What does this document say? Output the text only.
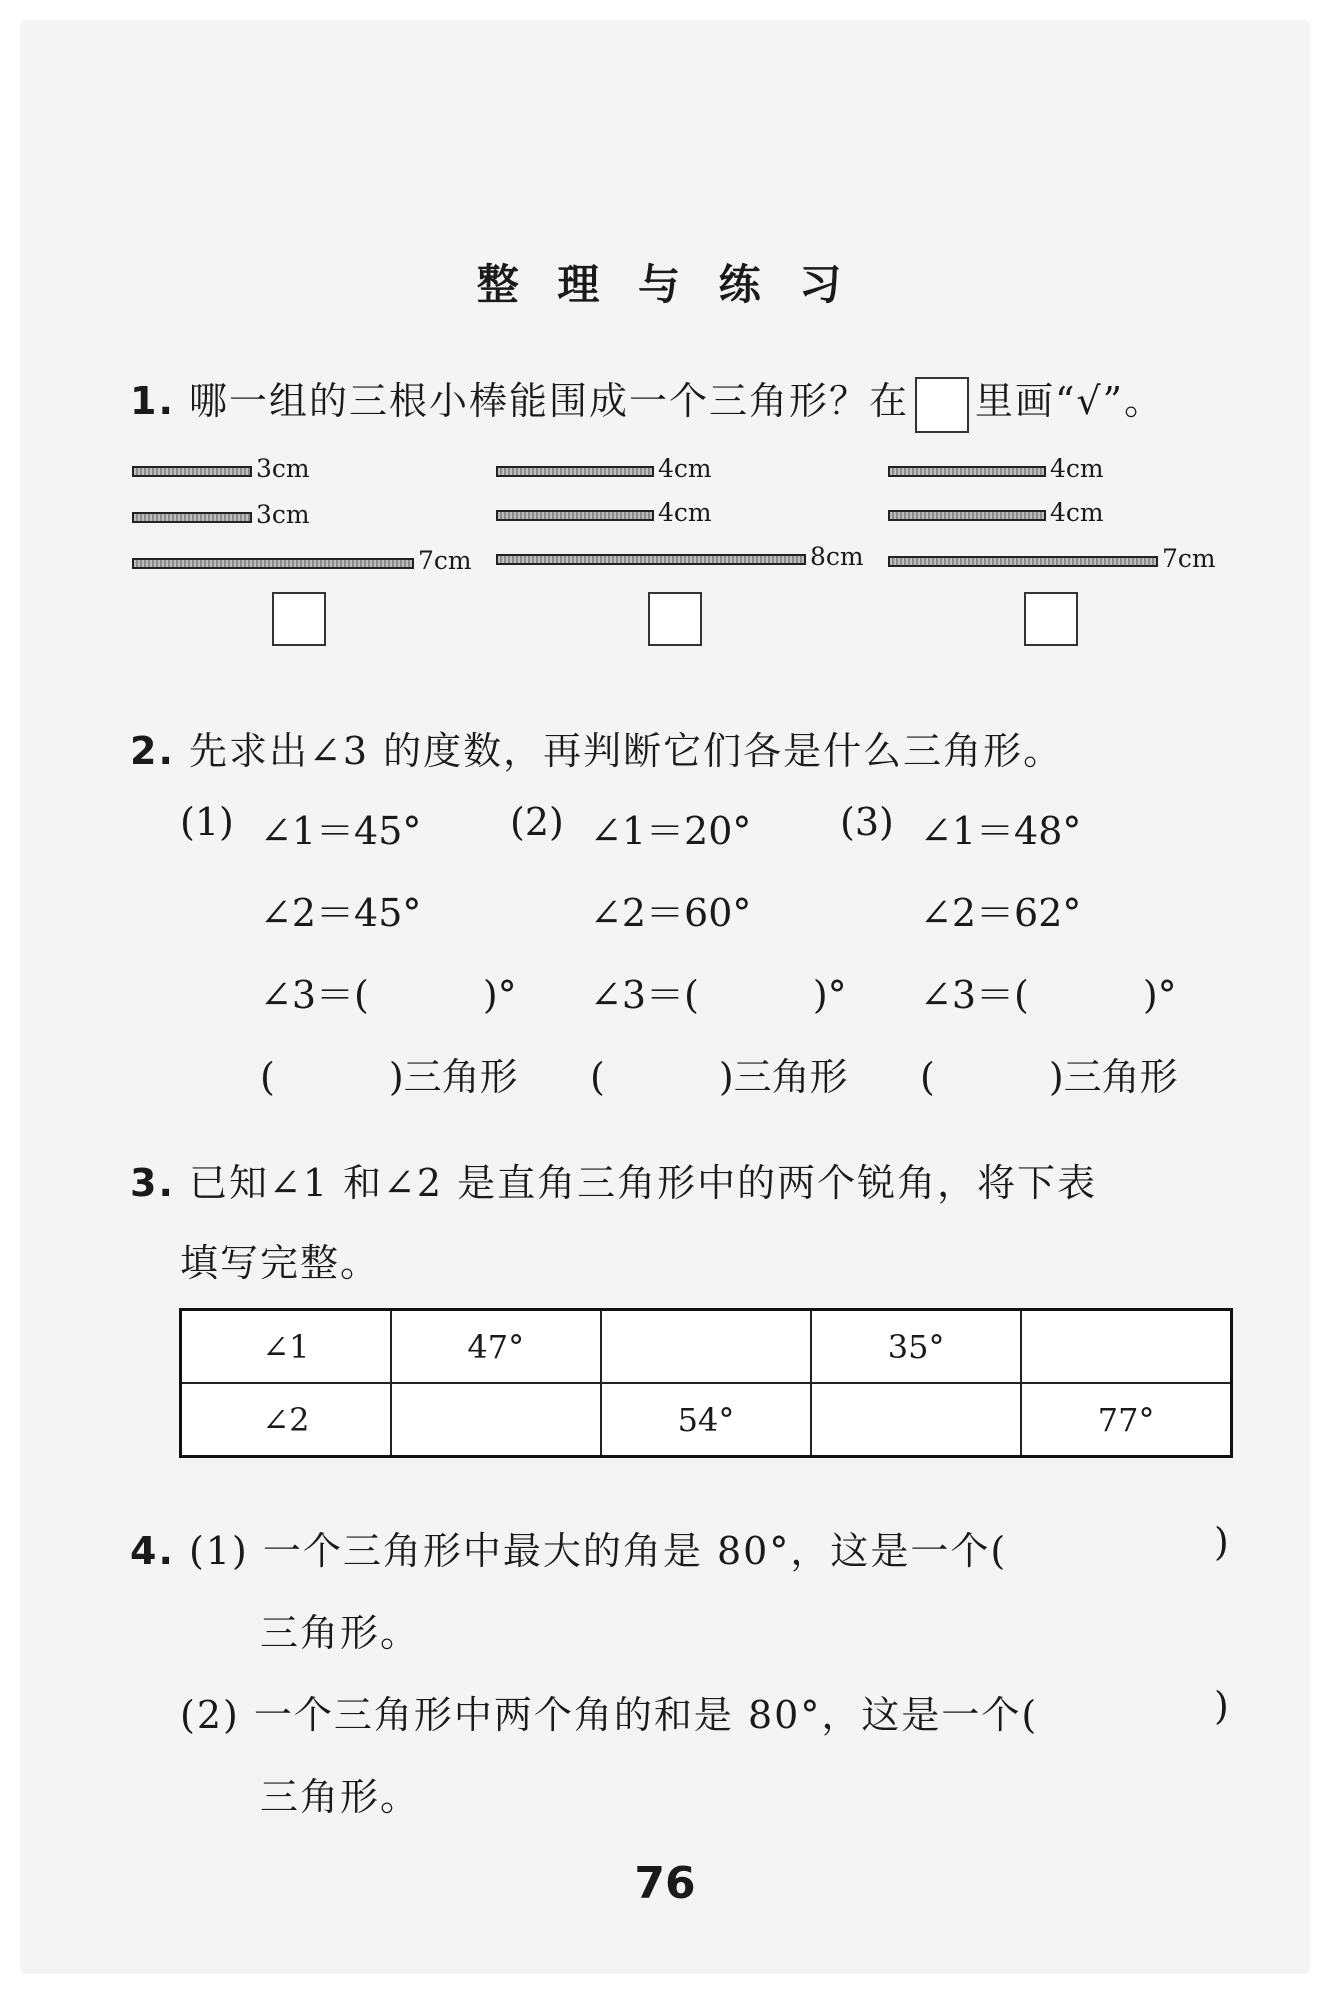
整 理 与 练 习
1. 哪一组的三根小棒能围成一个三角形？在 里画“√”。
3cm
3cm
7cm
4cm
4cm
8cm
4cm
4cm
7cm
2. 先求出∠3 的度数，再判断它们各是什么三角形。
(1) ∠1＝45°
∠2＝45°
∠3＝(　　　)°
(　　　)三角形
(2) ∠1＝20°
∠2＝60°
∠3＝(　　　)°
(　　　)三角形
(3) ∠1＝48°
∠2＝62°
∠3＝(　　　)°
(　　　)三角形
3. 已知∠1 和∠2 是直角三角形中的两个锐角，将下表
填写完整。
∠1	47°		35°	
∠2		54°		77°
4. (1) 一个三角形中最大的角是 80°，这是一个(	)
三角形。
(2) 一个三角形中两个角的和是 80°，这是一个(	)
三角形。
76
